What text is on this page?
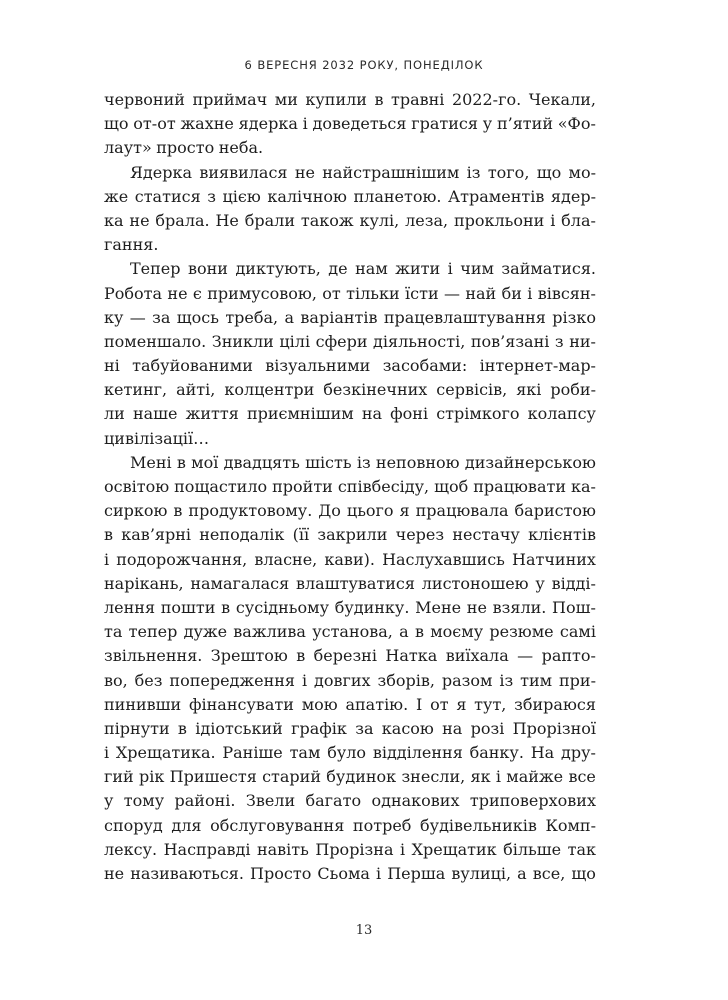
6 ВЕРЕСНЯ 2032 РОКУ, ПОНЕДІЛОК
червоний приймач ми купили в травні 2022-го. Чекали,
що от-от жахне ядерка і доведеться гратися у п’ятий «Фо-
лаут» просто неба.
Ядерка виявилася не найстрашнішим із того, що мо-
же статися з цією калічною планетою. Атраментів ядер-
ка не брала. Не брали також кулі, леза, прокльони і бла-
гання.
Тепер вони диктують, де нам жити і чим займатися.
Робота не є примусовою, от тільки їсти — най би і вівсян-
ку — за щось треба, а варіантів працевлаштування різко
поменшало. Зникли цілі сфери діяльності, пов’язані з ни-
ні табуйованими візуальними засобами: інтернет-мар-
кетинг, айті, колцентри безкінечних сервісів, які роби-
ли наше життя приємнішим на фоні стрімкого колапсу
цивілізації…
Мені в мої двадцять шість із неповною дизайнерською
освітою пощастило пройти співбесіду, щоб працювати ка-
сиркою в продуктовому. До цього я працювала баристою
в кав’ярні неподалік (її закрили через нестачу клієнтів
і подорожчання, власне, кави). Наслухавшись Натчиних
нарікань, намагалася влаштуватися листоношею у відді-
лення пошти в сусідньому будинку. Мене не взяли. Пош-
та тепер дуже важлива установа, а в моєму резюме самі
звільнення. Зрештою в березні Натка виїхала — рапто-
во, без попередження і довгих зборів, разом із тим при-
пинивши фінансувати мою апатію. І от я тут, збираюся
пірнути в ідіотський графік за касою на розі Прорізної
і Хрещатика. Раніше там було відділення банку. На дру-
гий рік Пришестя старий будинок знесли, як і майже все
у тому районі. Звели багато однакових триповерхових
споруд для обслуговування потреб будівельників Комп-
лексу. Насправді навіть Прорізна і Хрещатик більше так
не називаються. Просто Сьома і Перша вулиці, а все, що
13
